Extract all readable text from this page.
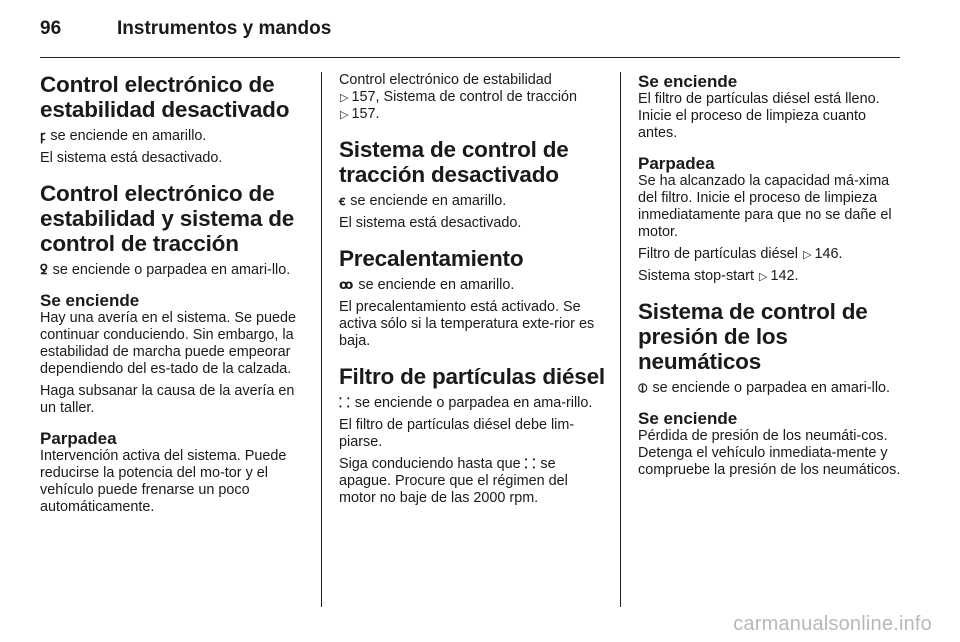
96	Instrumentos y mandos
Control electrónico de estabilidad desactivado

ꝼ se enciende en amarillo.

El sistema está desactivado.

Control electrónico de estabilidad y sistema de control de tracción

ꝿ se enciende o parpadea en amari-llo.

Se enciende

Hay una avería en el sistema. Se puede continuar conduciendo. Sin embargo, la estabilidad de marcha puede empeorar dependiendo del es-tado de la calzada.

Haga subsanar la causa de la avería en un taller.

Parpadea

Intervención activa del sistema. Puede reducirse la potencia del mo-tor y el vehículo puede frenarse un poco automáticamente.

Control electrónico de estabilidad
▷ 157, Sistema de control de tracción
▷ 157.

Sistema de control de tracción desactivado

ꞓ se enciende en amarillo.

El sistema está desactivado.

Precalentamiento

ꝏ se enciende en amarillo.

El precalentamiento está activado. Se activa sólo si la temperatura exte-rior es baja.

Filtro de partículas diésel

⸬ se enciende o parpadea en ama-rillo.

El filtro de partículas diésel debe lim-piarse.

Siga conduciendo hasta que ⸬ se apague. Procure que el régimen del motor no baje de las 2000 rpm.

Se enciende

El filtro de partículas diésel está lleno. Inicie el proceso de limpieza cuanto antes.

Parpadea

Se ha alcanzado la capacidad má-xima del filtro. Inicie el proceso de limpieza inmediatamente para que no se dañe el motor.

Filtro de partículas diésel ▷ 146.

Sistema stop-start ▷ 142.

Sistema de control de presión de los neumáticos

⦶ se enciende o parpadea en amari-llo.

Se enciende

Pérdida de presión de los neumáti-cos. Detenga el vehículo inmediata-mente y compruebe la presión de los neumáticos.

carmanualsonline.info
